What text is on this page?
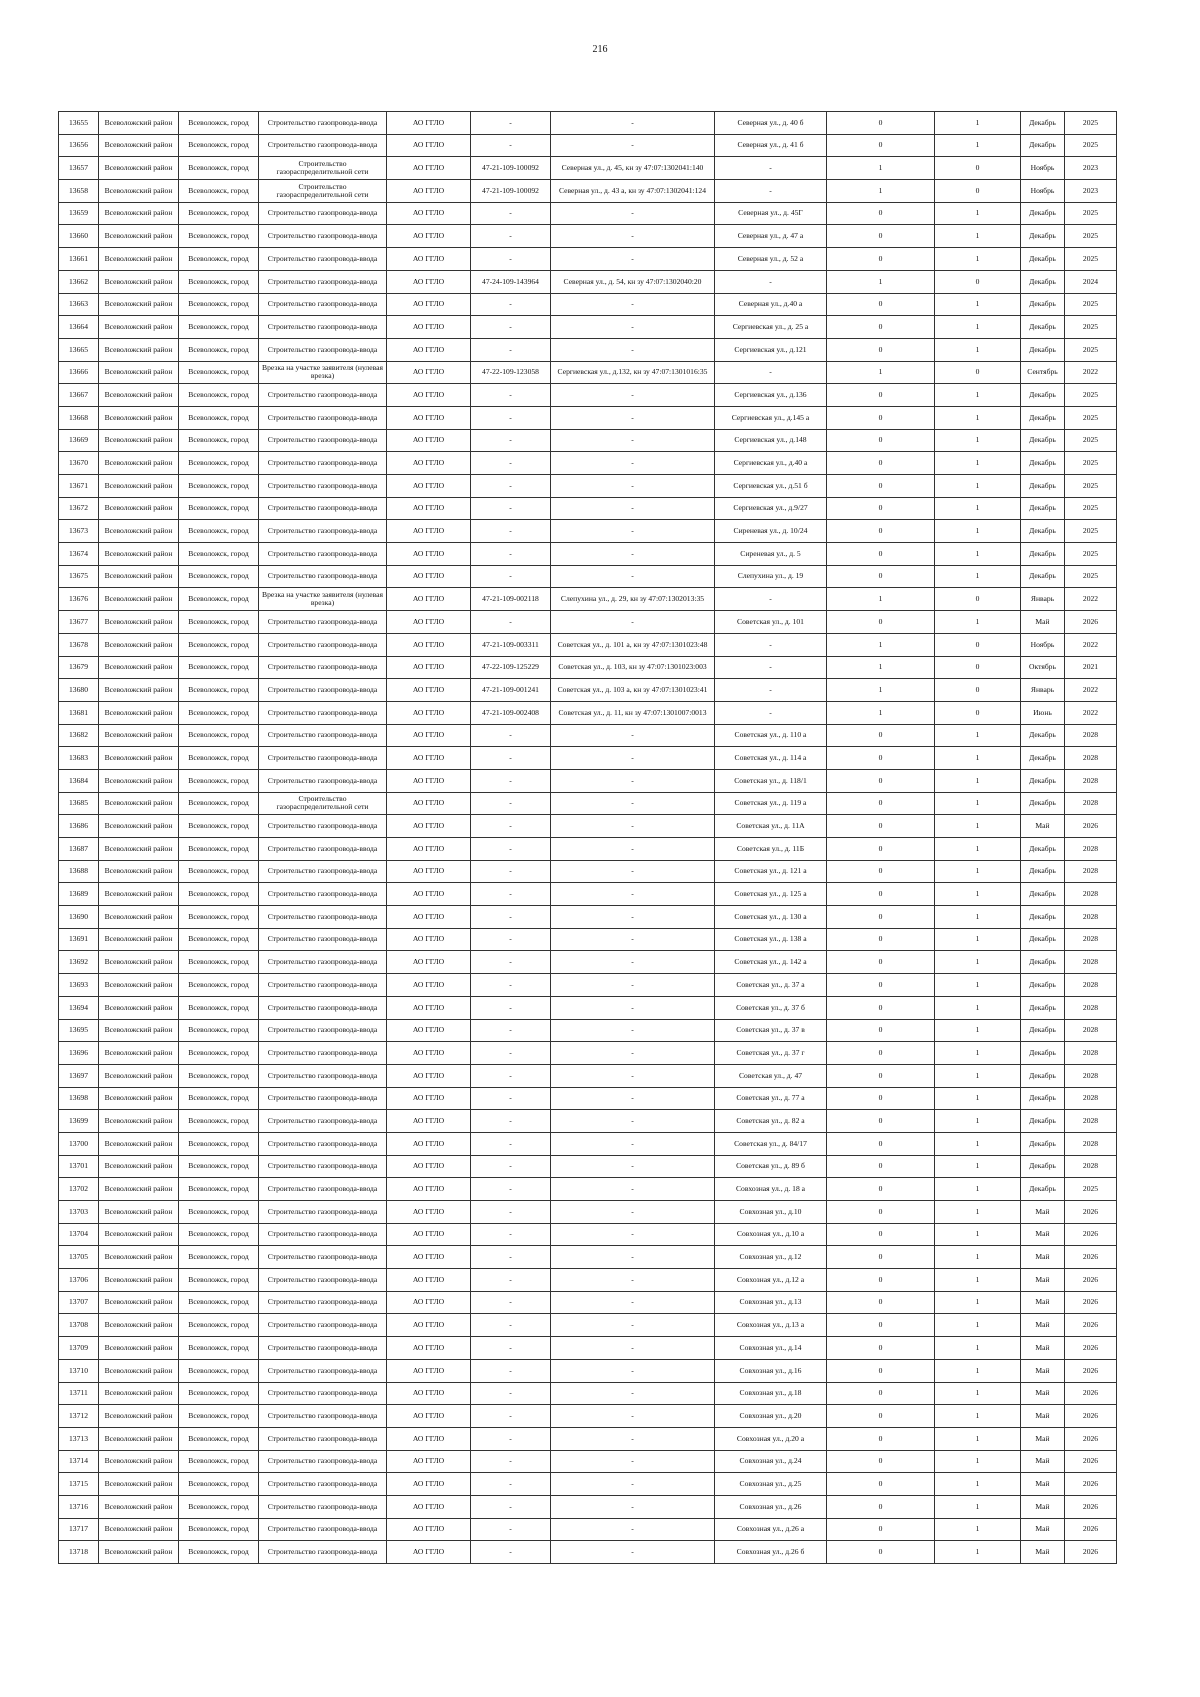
216
13655	Всеволожский район	Всеволожск, город	Строительство газопровода-ввода	АО ГГЛО	-	-	Северная ул., д. 40 б	0	1	Декабрь	2025
13656	Всеволожский район	Всеволожск, город	Строительство газопровода-ввода	АО ГГЛО	-	-	Северная ул., д. 41 б	0	1	Декабрь	2025
13657	Всеволожский район	Всеволожск, город	Строительство газораспределительной сети	АО ГГЛО	47-21-109-100092	Северная ул., д. 45, кн зу 47:07:1302041:140	-	1	0	Ноябрь	2023
13658	Всеволожский район	Всеволожск, город	Строительство газораспределительной сети	АО ГГЛО	47-21-109-100092	Северная ул., д. 43 а, кн зу 47:07:1302041:124	-	1	0	Ноябрь	2023
13659	Всеволожский район	Всеволожск, город	Строительство газопровода-ввода	АО ГГЛО	-	-	Северная ул., д. 45Г	0	1	Декабрь	2025
13660	Всеволожский район	Всеволожск, город	Строительство газопровода-ввода	АО ГГЛО	-	-	Северная ул., д. 47 а	0	1	Декабрь	2025
13661	Всеволожский район	Всеволожск, город	Строительство газопровода-ввода	АО ГГЛО	-	-	Северная ул., д. 52 а	0	1	Декабрь	2025
13662	Всеволожский район	Всеволожск, город	Строительство газопровода-ввода	АО ГГЛО	47-24-109-143964	Северная ул., д. 54, кн зу 47:07:1302040:20	-	1	0	Декабрь	2024
13663	Всеволожский район	Всеволожск, город	Строительство газопровода-ввода	АО ГГЛО	-	-	Северная ул., д.40 а	0	1	Декабрь	2025
13664	Всеволожский район	Всеволожск, город	Строительство газопровода-ввода	АО ГГЛО	-	-	Сергиевская ул., д. 25 а	0	1	Декабрь	2025
13665	Всеволожский район	Всеволожск, город	Строительство газопровода-ввода	АО ГГЛО	-	-	Сергиевская ул., д.121	0	1	Декабрь	2025
13666	Всеволожский район	Всеволожск, город	Врезка на участке заявителя (нулевая врезка)	АО ГГЛО	47-22-109-123058	Сергиевская ул., д.132, кн зу 47:07:1301016:35	-	1	0	Сентябрь	2022
13667	Всеволожский район	Всеволожск, город	Строительство газопровода-ввода	АО ГГЛО	-	-	Сергиевская ул., д.136	0	1	Декабрь	2025
13668	Всеволожский район	Всеволожск, город	Строительство газопровода-ввода	АО ГГЛО	-	-	Сергиевская ул., д.145 а	0	1	Декабрь	2025
13669	Всеволожский район	Всеволожск, город	Строительство газопровода-ввода	АО ГГЛО	-	-	Сергиевская ул., д.148	0	1	Декабрь	2025
13670	Всеволожский район	Всеволожск, город	Строительство газопровода-ввода	АО ГГЛО	-	-	Сергиевская ул., д.40 а	0	1	Декабрь	2025
13671	Всеволожский район	Всеволожск, город	Строительство газопровода-ввода	АО ГГЛО	-	-	Сергиевская ул., д.51 б	0	1	Декабрь	2025
13672	Всеволожский район	Всеволожск, город	Строительство газопровода-ввода	АО ГГЛО	-	-	Сергиевская ул., д.9/27	0	1	Декабрь	2025
13673	Всеволожский район	Всеволожск, город	Строительство газопровода-ввода	АО ГГЛО	-	-	Сиреневая ул., д. 10/24	0	1	Декабрь	2025
13674	Всеволожский район	Всеволожск, город	Строительство газопровода-ввода	АО ГГЛО	-	-	Сиреневая ул., д. 5	0	1	Декабрь	2025
13675	Всеволожский район	Всеволожск, город	Строительство газопровода-ввода	АО ГГЛО	-	-	Слепухина ул., д. 19	0	1	Декабрь	2025
13676	Всеволожский район	Всеволожск, город	Врезка на участке заявителя (нулевая врезка)	АО ГГЛО	47-21-109-002118	Слепухина ул., д. 29, кн зу 47:07:1302013:35	-	1	0	Январь	2022
13677	Всеволожский район	Всеволожск, город	Строительство газопровода-ввода	АО ГГЛО	-	-	Советская ул., д. 101	0	1	Май	2026
13678	Всеволожский район	Всеволожск, город	Строительство газопровода-ввода	АО ГГЛО	47-21-109-003311	Советская ул., д. 101 а, кн зу 47:07:1301023:48	-	1	0	Ноябрь	2022
13679	Всеволожский район	Всеволожск, город	Строительство газопровода-ввода	АО ГГЛО	47-22-109-125229	Советская ул., д. 103, кн зу 47:07:1301023:003	-	1	0	Октябрь	2021
13680	Всеволожский район	Всеволожск, город	Строительство газопровода-ввода	АО ГГЛО	47-21-109-001241	Советская ул., д. 103 а, кн зу 47:07:1301023:41	-	1	0	Январь	2022
13681	Всеволожский район	Всеволожск, город	Строительство газопровода-ввода	АО ГГЛО	47-21-109-002408	Советская ул., д. 11, кн зу 47:07:1301007:0013	-	1	0	Июнь	2022
13682	Всеволожский район	Всеволожск, город	Строительство газопровода-ввода	АО ГГЛО	-	-	Советская ул., д. 110 а	0	1	Декабрь	2028
13683	Всеволожский район	Всеволожск, город	Строительство газопровода-ввода	АО ГГЛО	-	-	Советская ул., д. 114 а	0	1	Декабрь	2028
13684	Всеволожский район	Всеволожск, город	Строительство газопровода-ввода	АО ГГЛО	-	-	Советская ул., д. 118/1	0	1	Декабрь	2028
13685	Всеволожский район	Всеволожск, город	Строительство газораспределительной сети	АО ГГЛО	-	-	Советская ул., д. 119 а	0	1	Декабрь	2028
13686	Всеволожский район	Всеволожск, город	Строительство газопровода-ввода	АО ГГЛО	-	-	Советская ул., д. 11А	0	1	Май	2026
13687	Всеволожский район	Всеволожск, город	Строительство газопровода-ввода	АО ГГЛО	-	-	Советская ул., д. 11Б	0	1	Декабрь	2028
13688	Всеволожский район	Всеволожск, город	Строительство газопровода-ввода	АО ГГЛО	-	-	Советская ул., д. 121 а	0	1	Декабрь	2028
13689	Всеволожский район	Всеволожск, город	Строительство газопровода-ввода	АО ГГЛО	-	-	Советская ул., д. 125 а	0	1	Декабрь	2028
13690	Всеволожский район	Всеволожск, город	Строительство газопровода-ввода	АО ГГЛО	-	-	Советская ул., д. 130 а	0	1	Декабрь	2028
13691	Всеволожский район	Всеволожск, город	Строительство газопровода-ввода	АО ГГЛО	-	-	Советская ул., д. 138 а	0	1	Декабрь	2028
13692	Всеволожский район	Всеволожск, город	Строительство газопровода-ввода	АО ГГЛО	-	-	Советская ул., д. 142 а	0	1	Декабрь	2028
13693	Всеволожский район	Всеволожск, город	Строительство газопровода-ввода	АО ГГЛО	-	-	Советская ул., д. 37 а	0	1	Декабрь	2028
13694	Всеволожский район	Всеволожск, город	Строительство газопровода-ввода	АО ГГЛО	-	-	Советская ул., д. 37 б	0	1	Декабрь	2028
13695	Всеволожский район	Всеволожск, город	Строительство газопровода-ввода	АО ГГЛО	-	-	Советская ул., д. 37 в	0	1	Декабрь	2028
13696	Всеволожский район	Всеволожск, город	Строительство газопровода-ввода	АО ГГЛО	-	-	Советская ул., д. 37 г	0	1	Декабрь	2028
13697	Всеволожский район	Всеволожск, город	Строительство газопровода-ввода	АО ГГЛО	-	-	Советская ул., д. 47	0	1	Декабрь	2028
13698	Всеволожский район	Всеволожск, город	Строительство газопровода-ввода	АО ГГЛО	-	-	Советская ул., д. 77 а	0	1	Декабрь	2028
13699	Всеволожский район	Всеволожск, город	Строительство газопровода-ввода	АО ГГЛО	-	-	Советская ул., д. 82 а	0	1	Декабрь	2028
13700	Всеволожский район	Всеволожск, город	Строительство газопровода-ввода	АО ГГЛО	-	-	Советская ул., д. 84/17	0	1	Декабрь	2028
13701	Всеволожский район	Всеволожск, город	Строительство газопровода-ввода	АО ГГЛО	-	-	Советская ул., д. 89 б	0	1	Декабрь	2028
13702	Всеволожский район	Всеволожск, город	Строительство газопровода-ввода	АО ГГЛО	-	-	Совхозная ул., д. 18 а	0	1	Декабрь	2025
13703	Всеволожский район	Всеволожск, город	Строительство газопровода-ввода	АО ГГЛО	-	-	Совхозная ул., д.10	0	1	Май	2026
13704	Всеволожский район	Всеволожск, город	Строительство газопровода-ввода	АО ГГЛО	-	-	Совхозная ул., д.10 а	0	1	Май	2026
13705	Всеволожский район	Всеволожск, город	Строительство газопровода-ввода	АО ГГЛО	-	-	Совхозная ул., д.12	0	1	Май	2026
13706	Всеволожский район	Всеволожск, город	Строительство газопровода-ввода	АО ГГЛО	-	-	Совхозная ул., д.12 а	0	1	Май	2026
13707	Всеволожский район	Всеволожск, город	Строительство газопровода-ввода	АО ГГЛО	-	-	Совхозная ул., д.13	0	1	Май	2026
13708	Всеволожский район	Всеволожск, город	Строительство газопровода-ввода	АО ГГЛО	-	-	Совхозная ул., д.13 а	0	1	Май	2026
13709	Всеволожский район	Всеволожск, город	Строительство газопровода-ввода	АО ГГЛО	-	-	Совхозная ул., д.14	0	1	Май	2026
13710	Всеволожский район	Всеволожск, город	Строительство газопровода-ввода	АО ГГЛО	-	-	Совхозная ул., д.16	0	1	Май	2026
13711	Всеволожский район	Всеволожск, город	Строительство газопровода-ввода	АО ГГЛО	-	-	Совхозная ул., д.18	0	1	Май	2026
13712	Всеволожский район	Всеволожск, город	Строительство газопровода-ввода	АО ГГЛО	-	-	Совхозная ул., д.20	0	1	Май	2026
13713	Всеволожский район	Всеволожск, город	Строительство газопровода-ввода	АО ГГЛО	-	-	Совхозная ул., д.20 а	0	1	Май	2026
13714	Всеволожский район	Всеволожск, город	Строительство газопровода-ввода	АО ГГЛО	-	-	Совхозная ул., д.24	0	1	Май	2026
13715	Всеволожский район	Всеволожск, город	Строительство газопровода-ввода	АО ГГЛО	-	-	Совхозная ул., д.25	0	1	Май	2026
13716	Всеволожский район	Всеволожск, город	Строительство газопровода-ввода	АО ГГЛО	-	-	Совхозная ул., д.26	0	1	Май	2026
13717	Всеволожский район	Всеволожск, город	Строительство газопровода-ввода	АО ГГЛО	-	-	Совхозная ул., д.26 а	0	1	Май	2026
13718	Всеволожский район	Всеволожск, город	Строительство газопровода-ввода	АО ГГЛО	-	-	Совхозная ул., д.26 б	0	1	Май	2026
